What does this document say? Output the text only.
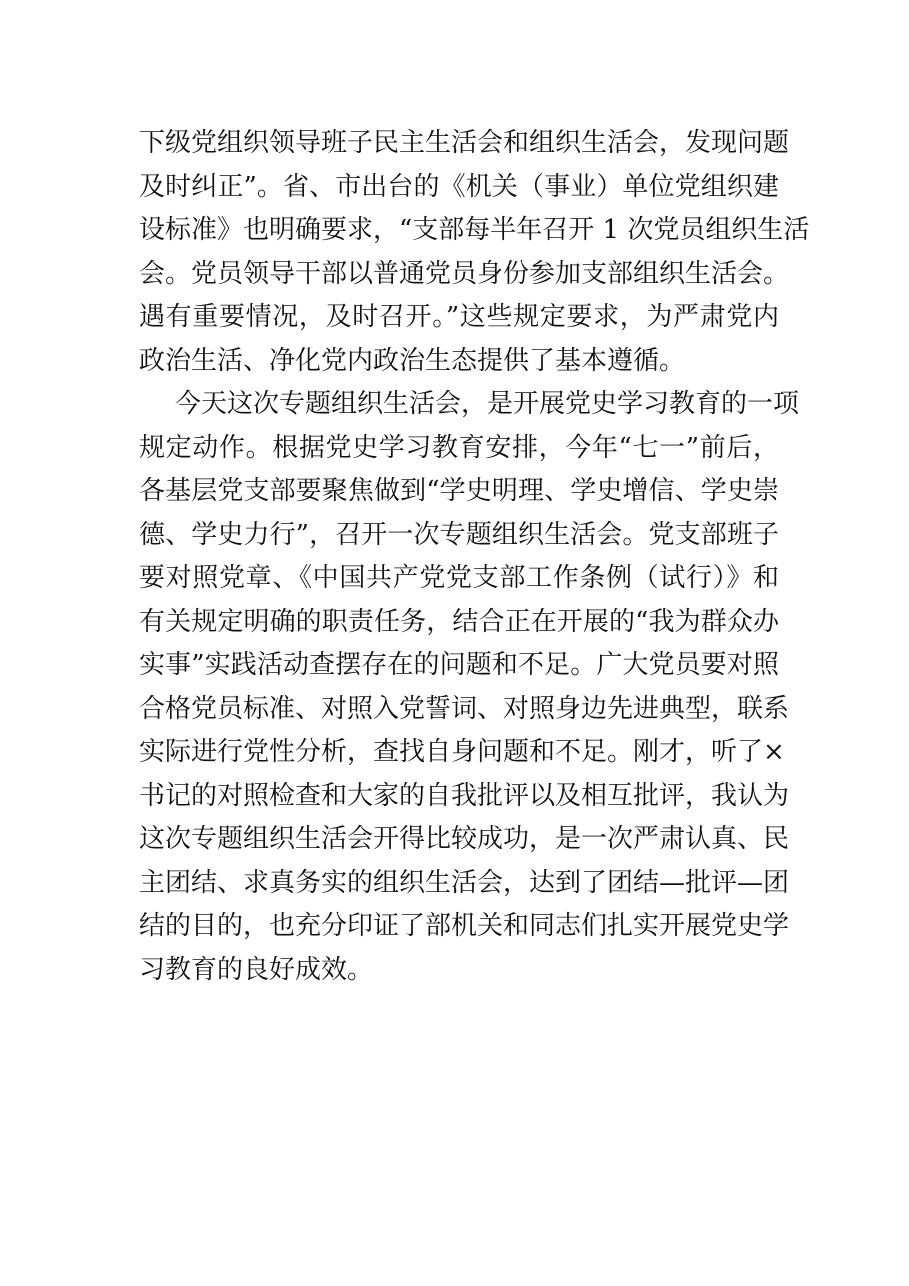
下级党组织领导班子民主生活会和组织生活会，发现问题
及时纠正”。省、市出台的《机关（事业）单位党组织建
设标准》也明确要求，“支部每半年召开 1 次党员组织生活
会。党员领导干部以普通党员身份参加支部组织生活会。
遇有重要情况，及时召开。”这些规定要求，为严肃党内
政治生活、净化党内政治生态提供了基本遵循。
今天这次专题组织生活会，是开展党史学习教育的一项
规定动作。根据党史学习教育安排，今年“七一”前后，
各基层党支部要聚焦做到“学史明理、学史增信、学史崇
德、学史力行”，召开一次专题组织生活会。党支部班子
要对照党章、《中国共产党党支部工作条例（试行）》和
有关规定明确的职责任务，结合正在开展的“我为群众办
实事”实践活动查摆存在的问题和不足。广大党员要对照
合格党员标准、对照入党誓词、对照身边先进典型，联系
实际进行党性分析，查找自身问题和不足。刚才，听了×
书记的对照检查和大家的自我批评以及相互批评，我认为
这次专题组织生活会开得比较成功，是一次严肃认真、民
主团结、求真务实的组织生活会，达到了团结—批评—团
结的目的，也充分印证了部机关和同志们扎实开展党史学
习教育的良好成效。
